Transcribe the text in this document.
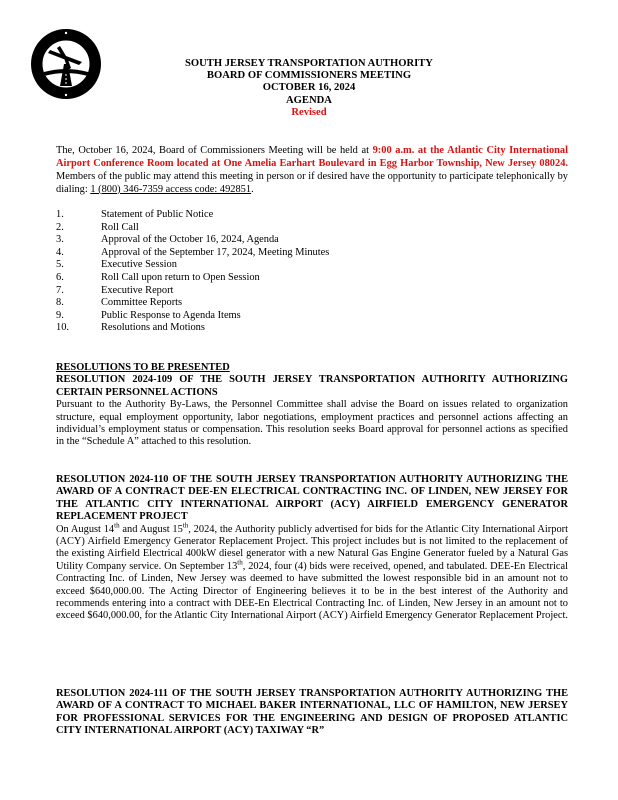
SOUTH JERSEY TRANSPORTATION AUTHORITY
BOARD OF COMMISSIONERS MEETING
OCTOBER 16, 2024
AGENDA
Revised
The, October 16, 2024, Board of Commissioners Meeting will be held at 9:00 a.m. at the Atlantic City International Airport Conference Room located at One Amelia Earhart Boulevard in Egg Harbor Township, New Jersey 08024. Members of the public may attend this meeting in person or if desired have the opportunity to participate telephonically by dialing: 1 (800) 346-7359 access code: 492851.
1.	Statement of Public Notice
2.	Roll Call
3.	Approval of the October 16, 2024, Agenda
4.	Approval of the September 17, 2024, Meeting Minutes
5.	Executive Session
6.	Roll Call upon return to Open Session
7.	Executive Report
8.	Committee Reports
9.	Public Response to Agenda Items
10.	Resolutions and Motions
RESOLUTIONS TO BE PRESENTED
RESOLUTION 2024-109 OF THE SOUTH JERSEY TRANSPORTATION AUTHORITY AUTHORIZING CERTAIN PERSONNEL ACTIONS
Pursuant to the Authority By-Laws, the Personnel Committee shall advise the Board on issues related to organization structure, equal employment opportunity, labor negotiations, employment practices and personnel actions affecting an individual’s employment status or compensation. This resolution seeks Board approval for personnel actions as specified in the “Schedule A” attached to this resolution.
RESOLUTION 2024-110 OF THE SOUTH JERSEY TRANSPORTATION AUTHORITY AUTHORIZING THE AWARD OF A CONTRACT DEE-EN ELECTRICAL CONTRACTING INC. OF LINDEN, NEW JERSEY FOR THE ATLANTIC CITY INTERNATIONAL AIRPORT (ACY) AIRFIELD EMERGENCY GENERATOR REPLACEMENT PROJECT
On August 14th and August 15th, 2024, the Authority publicly advertised for bids for the Atlantic City International Airport (ACY) Airfield Emergency Generator Replacement Project. This project includes but is not limited to the replacement of the existing Airfield Electrical 400kW diesel generator with a new Natural Gas Engine Generator fueled by a Natural Gas Utility Company service. On September 13th, 2024, four (4) bids were received, opened, and tabulated. DEE-En Electrical Contracting Inc. of Linden, New Jersey was deemed to have submitted the lowest responsible bid in an amount not to exceed $640,000.00. The Acting Director of Engineering believes it to be in the best interest of the Authority and recommends entering into a contract with DEE-En Electrical Contracting Inc. of Linden, New Jersey in an amount not to exceed $640,000.00, for the Atlantic City International Airport (ACY) Airfield Emergency Generator Replacement Project.
RESOLUTION 2024-111 OF THE SOUTH JERSEY TRANSPORTATION AUTHORITY AUTHORIZING THE AWARD OF A CONTRACT TO MICHAEL BAKER INTERNATIONAL, LLC OF HAMILTON, NEW JERSEY FOR PROFESSIONAL SERVICES FOR THE ENGINEERING AND DESIGN OF PROPOSED ATLANTIC CITY INTERNATIONAL AIRPORT (ACY) TAXIWAY “R”
